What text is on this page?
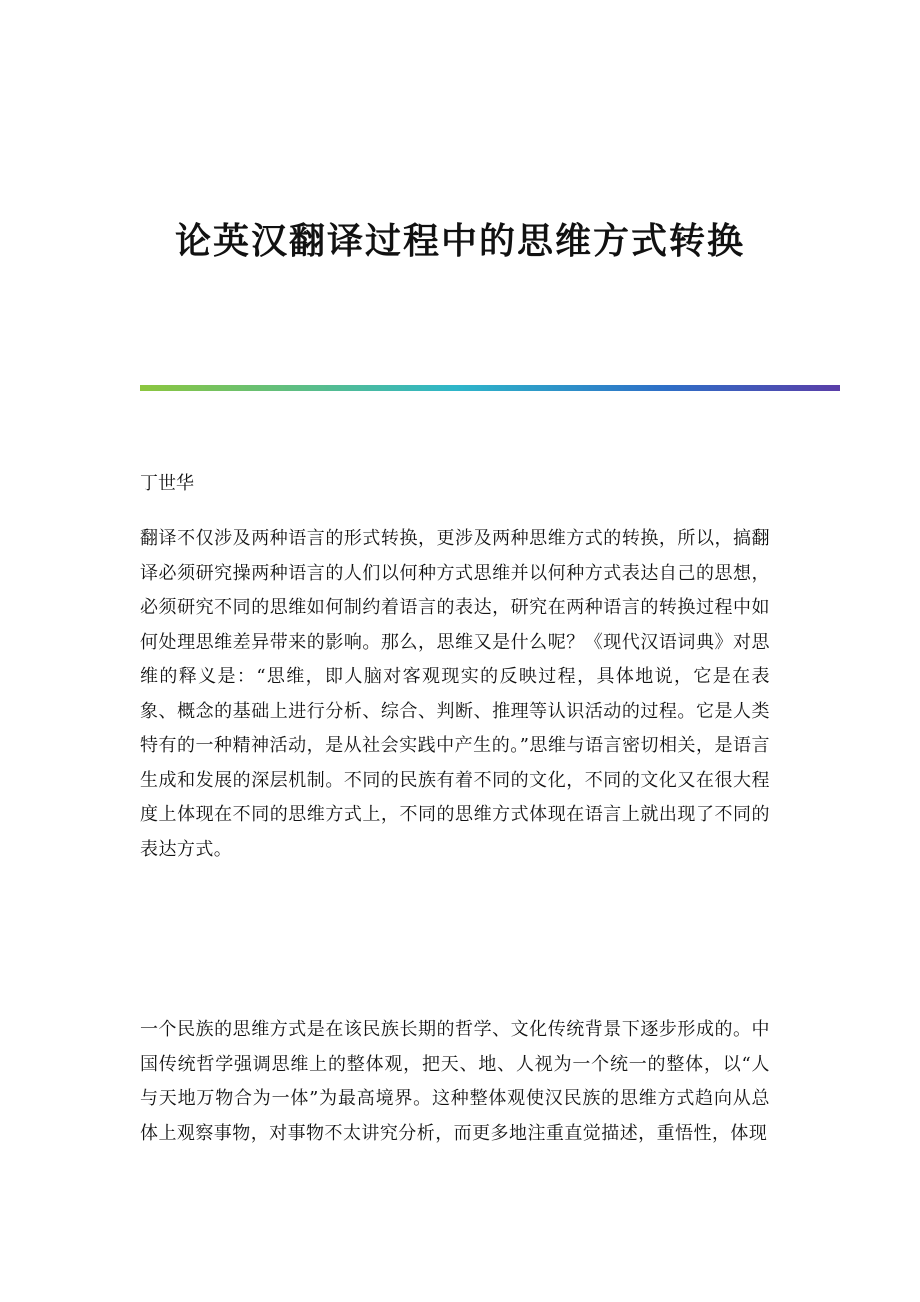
论英汉翻译过程中的思维方式转换

丁世华

翻译不仅涉及两种语言的形式转换，更涉及两种思维方式的转换，所以，搞翻译必须研究操两种语言的人们以何种方式思维并以何种方式表达自己的思想，必须研究不同的思维如何制约着语言的表达，研究在两种语言的转换过程中如何处理思维差异带来的影响。那么，思维又是什么呢？《现代汉语词典》对思维的释义是：“思维，即人脑对客观现实的反映过程，具体地说，它是在表象、概念的基础上进行分析、综合、判断、推理等认识活动的过程。它是人类特有的一种精神活动，是从社会实践中产生的。”思维与语言密切相关，是语言生成和发展的深层机制。不同的民族有着不同的文化，不同的文化又在很大程度上体现在不同的思维方式上，不同的思维方式体现在语言上就出现了不同的表达方式。

一个民族的思维方式是在该民族长期的哲学、文化传统背景下逐步形成的。中国传统哲学强调思维上的整体观，把天、地、人视为一个统一的整体，以“人与天地万物合为一体”为最高境界。这种整体观使汉民族的思维方式趋向从总体上观察事物，对事物不太讲究分析，而更多地注重直觉描述，重悟性，体现
